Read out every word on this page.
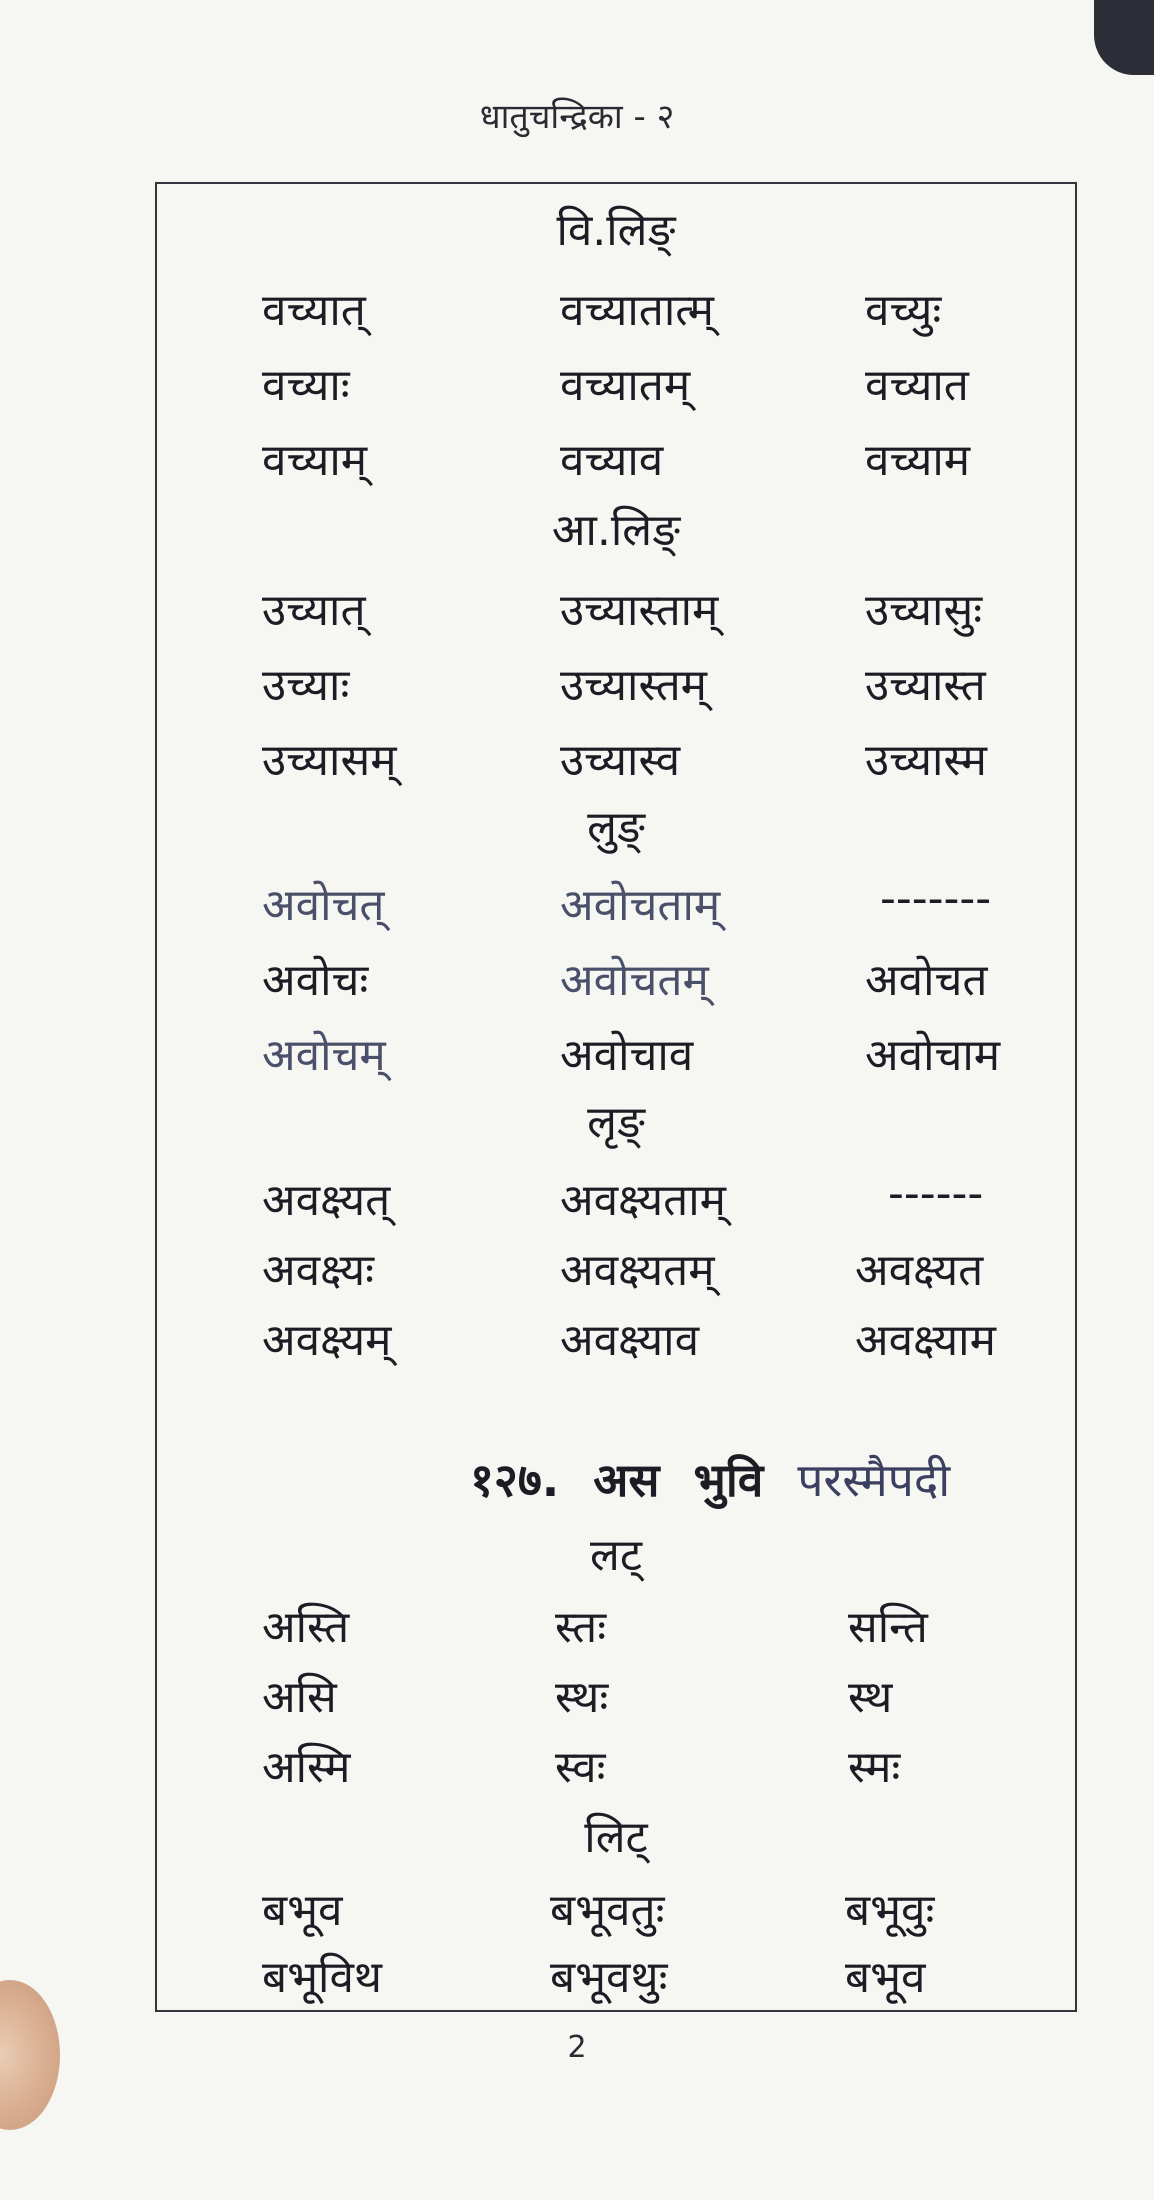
धातुचन्द्रिका - २
वि.लिङ्
वच्यात्	वच्यातात्म्	वच्युः
वच्याः	वच्यातम्	वच्यात
वच्याम्	वच्याव	वच्याम
आ.लिङ्
उच्यात्	उच्यास्ताम्	उच्यासुः
उच्याः	उच्यास्तम्	उच्यास्त
उच्यासम्	उच्यास्व	उच्यास्म
लुङ्
अवोचत्	अवोचताम्	-------
अवोचः	अवोचतम्	अवोचत
अवोचम्	अवोचाव	अवोचाम
लृङ्
अवक्ष्यत्	अवक्ष्यताम्	------
अवक्ष्यः	अवक्ष्यतम्	अवक्ष्यत
अवक्ष्यम्	अवक्ष्याव	अवक्ष्याम
१२७. अस भुवि परस्मैपदी
लट्
अस्ति	स्तः	सन्ति
असि	स्थः	स्थ
अस्मि	स्वः	स्मः
लिट्
बभूव	बभूवतुः	बभूवुः
बभूविथ	बभूवथुः	बभूव
2
